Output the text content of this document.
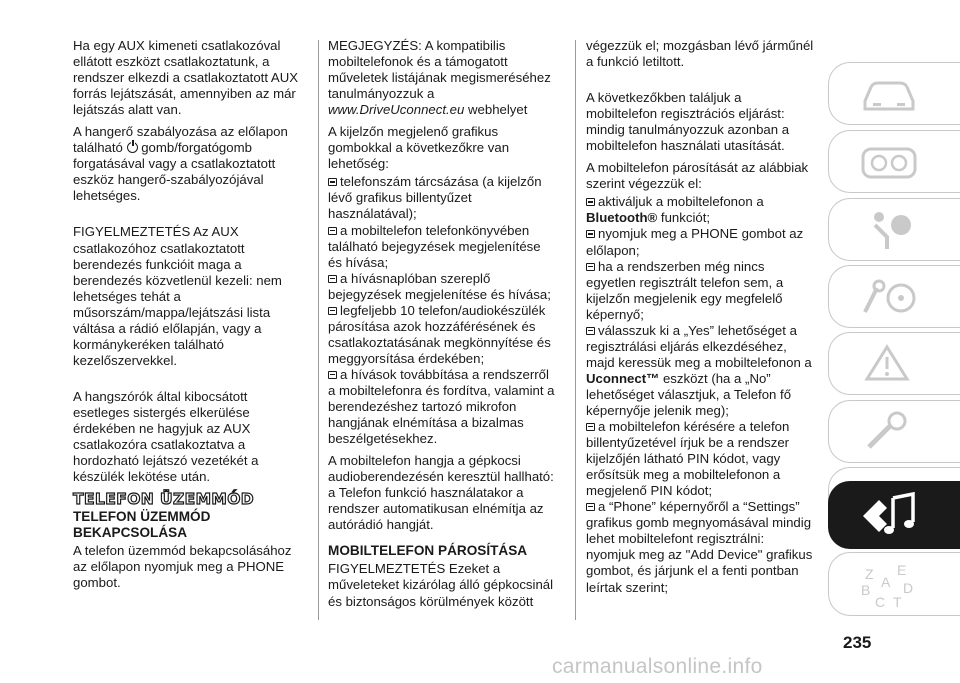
Ha egy AUX kimeneti csatlakozóval ellátott eszközt csatlakoztatunk, a rendszer elkezdi a csatlakoztatott AUX forrás lejátszását, amennyiben az már lejátszás alatt van.

A hangerő szabályozása az előlapon található gomb/forgatógomb forgatásával vagy a csatlakoztatott eszköz hangerő-szabályozójával lehetséges.

FIGYELMEZTETÉS Az AUX csatlakozóhoz csatlakoztatott berendezés funkcióit maga a berendezés közvetlenül kezeli: nem lehetséges tehát a műsorszám/mappa/lejátszási lista váltása a rádió előlapján, vagy a kormánykeréken található kezelőszervekkel.

A hangszórók által kibocsátott esetleges sistergés elkerülése érdekében ne hagyjuk az AUX csatlakozóra csatlakoztatva a hordozható lejátszó vezetékét a készülék lekötése után.

TELEFON ÜZEMMÓD
TELEFON ÜZEMMÓD BEKAPCSOLÁSA

A telefon üzemmód bekapcsolásához az előlapon nyomjuk meg a PHONE gombot.

MEGJEGYZÉS: A kompatibilis mobiltelefonok és a támogatott műveletek listájának megismeréséhez tanulmányozzuk a www.DriveUconnect.eu webhelyet

A kijelzőn megjelenő grafikus gombokkal a következőkre van lehetőség:

telefonszám tárcsázása (a kijelzőn lévő grafikus billentyűzet használatával);
a mobiltelefon telefonkönyvében található bejegyzések megjelenítése és hívása;
a hívásnaplóban szereplő bejegyzések megjelenítése és hívása;
legfeljebb 10 telefon/audiokészülék párosítása azok hozzáférésének és csatlakoztatásának megkönnyítése és meggyorsítása érdekében;
a hívások továbbítása a rendszerről a mobiltelefonra és fordítva, valamint a berendezéshez tartozó mikrofon hangjának elnémítása a bizalmas beszélgetésekhez.

A mobiltelefon hangja a gépkocsi audioberendezésén keresztül hallható: a Telefon funkció használatakor a rendszer automatikusan elnémítja az autórádió hangját.

MOBILTELEFON PÁROSÍTÁSA

FIGYELMEZTETÉS Ezeket a műveleteket kizárólag álló gépkocsinál és biztonságos körülmények között

végezzük el; mozgásban lévő járműnél a funkció letiltott.

A következőkben találjuk a mobiltelefon regisztrációs eljárást: mindig tanulmányozzuk azonban a mobiltelefon használati utasítását.

A mobiltelefon párosítását az alábbiak szerint végezzük el:

aktiváljuk a mobiltelefonon a Bluetooth® funkciót;
nyomjuk meg a PHONE gombot az előlapon;
ha a rendszerben még nincs egyetlen regisztrált telefon sem, a kijelzőn megjelenik egy megfelelő képernyő;
válasszuk ki a „Yes” lehetőséget a regisztrálási eljárás elkezdéséhez, majd keressük meg a mobiltelefonon a Uconnect™ eszközt (ha a „No” lehetőséget választjuk, a Telefon fő képernyője jelenik meg);
a mobiltelefon kérésére a telefon billentyűzetével írjuk be a rendszer kijelzőjén látható PIN kódot, vagy erősítsük meg a mobiltelefonon a megjelenő PIN kódot;
a “Phone” képernyőről a “Settings” grafikus gomb megnyomásával mindig lehet mobiltelefont regisztrálni: nyomjuk meg az "Add Device" grafikus gombot, és járjunk el a fenti pontban leírtak szerint;
Z E
A
B D
C T
235
carmanualsonline.info
